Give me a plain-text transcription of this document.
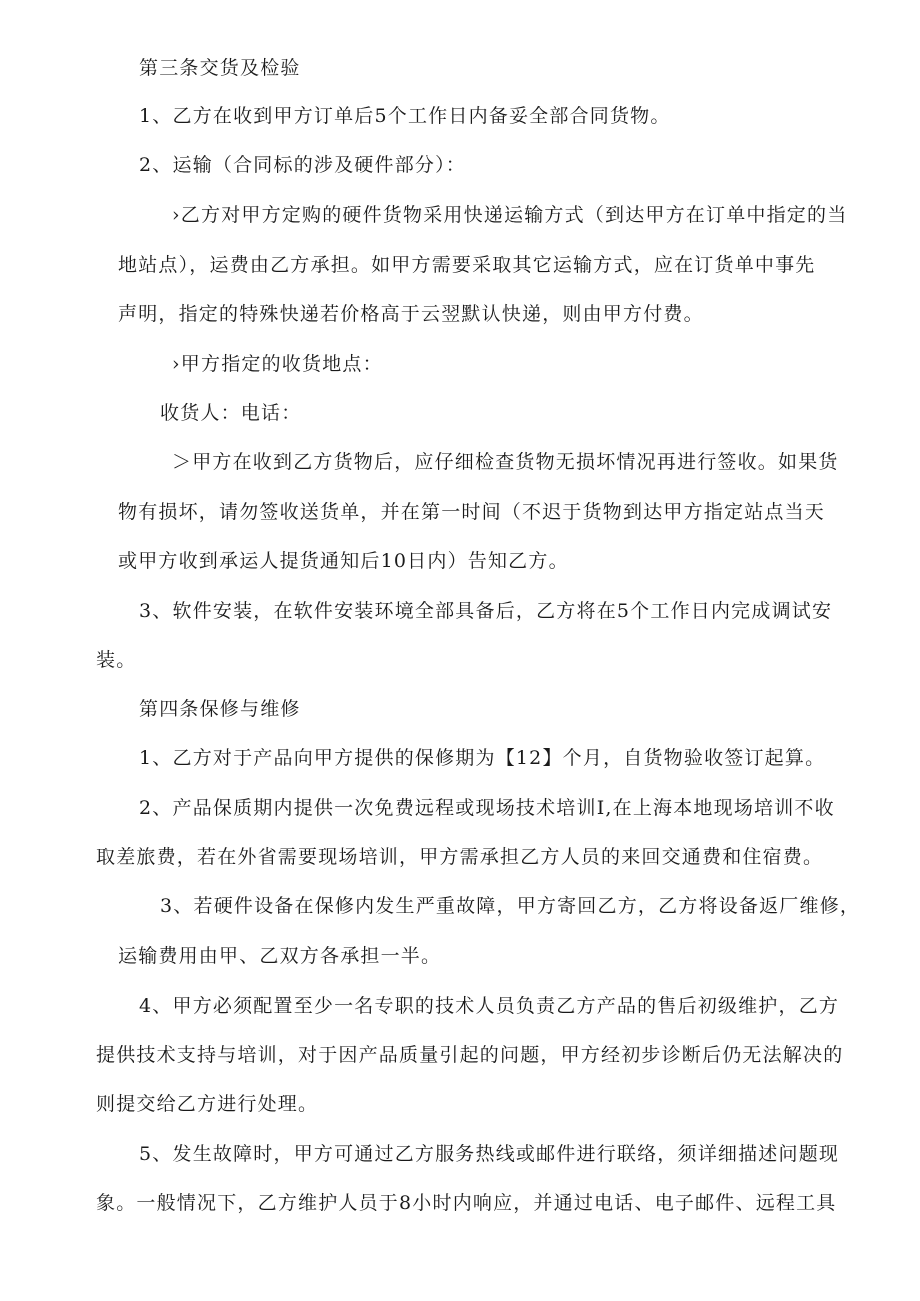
第三条交货及检验
1、乙方在收到甲方订单后5个工作日内备妥全部合同货物。
2、运输（合同标的涉及硬件部分）：
›乙方对甲方定购的硬件货物采用快递运输方式（到达甲方在订单中指定的当
地站点），运费由乙方承担。如甲方需要采取其它运输方式，应在订货单中事先
声明，指定的特殊快递若价格高于云翌默认快递，则由甲方付费。
›甲方指定的收货地点：
收货人：电话：
＞甲方在收到乙方货物后，应仔细检查货物无损坏情况再进行签收。如果货
物有损坏，请勿签收送货单，并在第一时间（不迟于货物到达甲方指定站点当天
或甲方收到承运人提货通知后10日内）告知乙方。
3、软件安装，在软件安装环境全部具备后，乙方将在5个工作日内完成调试安
装。
第四条保修与维修
1、乙方对于产品向甲方提供的保修期为【12】个月，自货物验收签订起算。
2、产品保质期内提供一次免费远程或现场技术培训I,在上海本地现场培训不收
取差旅费，若在外省需要现场培训，甲方需承担乙方人员的来回交通费和住宿费。
3、若硬件设备在保修内发生严重故障，甲方寄回乙方，乙方将设备返厂维修，
运输费用由甲、乙双方各承担一半。
4、甲方必须配置至少一名专职的技术人员负责乙方产品的售后初级维护，乙方
提供技术支持与培训，对于因产品质量引起的问题，甲方经初步诊断后仍无法解决的
则提交给乙方进行处理。
5、发生故障时，甲方可通过乙方服务热线或邮件进行联络，须详细描述问题现
象。一般情况下，乙方维护人员于8小时内响应，并通过电话、电子邮件、远程工具
